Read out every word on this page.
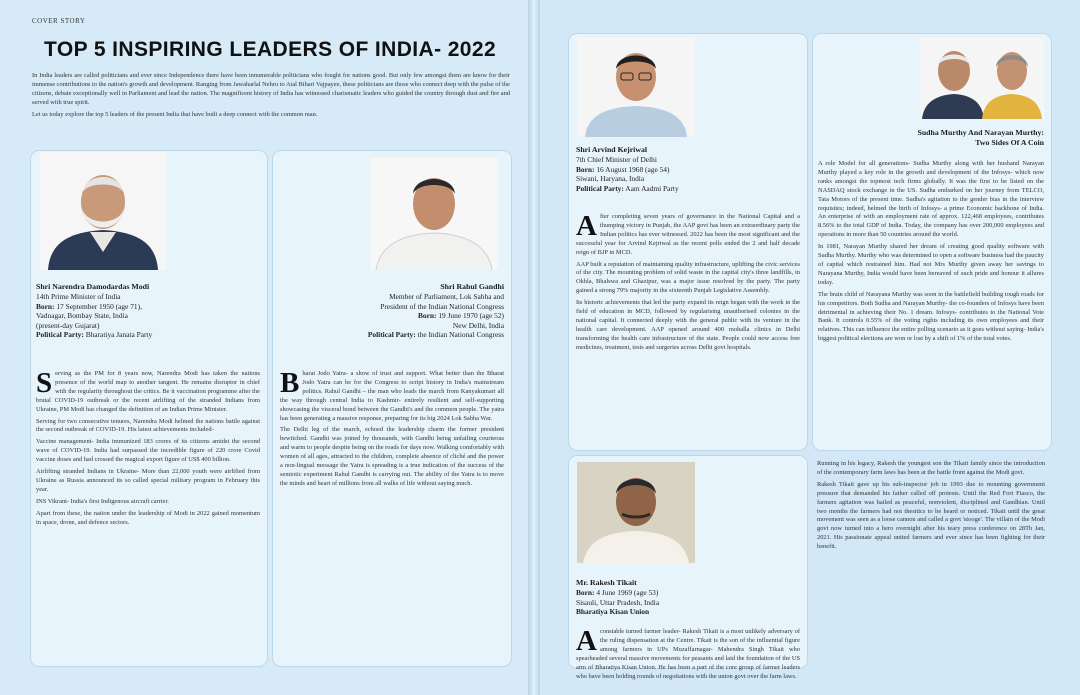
COVER STORY
TOP 5 INSPIRING LEADERS OF INDIA- 2022

In India leaders are called politicians and ever since Independence there have been innumerable politicians who fought for nations good. But only few amongst them are know for their immense contributions to the nation's growth and development. Ranging from Jawaharlal Nehru to Atal Bihari Vajpayee, these politicians are those who connect deep with the pulse of the citizens, debate exceptionally well in Parliament and lead the nation. The magnificent history of India has witnessed charismatic leaders who guided the country through dust and fire and served with true spirit.

Let us today explore the top 5 leaders of the present India that have built a deep connect with the common man.

Shri Narendra Damodardas Modi
14th Prime Minister of India
Born: 17 September 1950 (age 71),
Vadnagar, Bombay State, India
(present-day Gujarat)
Political Party: Bharatiya Janata Party

Serving as the PM for 8 years now, Narendra Modi has taken the nations presence of the world map to another tangent. He remains disruptor in chief with the regularity throughout the critics. Be it vaccination programme after the brutal COVID-19 outbreak or the recent airlifting of the stranded Indians from Ukraine, PM Modi has changed the definition of an Indian Prime Minister.

Serving for two consecutive tenures, Narendra Modi helmed the nations battle against the second outbreak of COVID-19. His latest achievements included-

Vaccine management- India immunized 183 crores of its citizens amidst the second wave of COVID-19. India had surpassed the incredible figure of 220 crore Covid vaccine doses and had crossed the magical export figure of US$ 400 billion.

Airlifting stranded Indians in Ukraine- More than 22,000 youth were airlifted from Ukraine as Russia announced its so called special military program in February this year.

INS Vikrant- India's first Indigenous aircraft carrier.

Apart from these, the nation under the leadership of Modi in 2022 gained momentum in space, drone, and defence sectors.

Shri Rahul Gandhi
Member of Parliament, Lok Sabha and
President of the Indian National Congress
Born: 19 June 1970 (age 52)
New Delhi, India
Political Party: the Indian National Congress

Bharat Jodo Yatra- a show of trust and support. What better than the Bharat Jodo Yatra can be for the Congress to script history in India's mainstream politics. Rahul Gandhi – the man who leads the march from Kanyakumari all the way through central India to Kashmir- entirely resilient and self-supporting showcasing the visceral bond between the Gandhi's and the common people. The yatra has been generating a massive response, preparing for its big 2024 Lok Sabha War.

The Delhi leg of the march, echoed the leadership charm the former president bewitched. Gandhi was joined by thousands, with Gandhi being unfailing courteous and warm to people despite being on the roads for days now. Walking comfortably with women of all ages, attracted to the children, complete absence of cliché and the power a non-lingual message the Yatra is spreading is a true indication of the success of the semiotic experiment Rahul Gandhi is carrying out. The ability of the Yatra is to move the minds and heart of millions from all walks of life without saying much.

Shri Arvind Kejriwal
7th Chief Minister of Delhi
Born: 16 August 1968 (age 54)
Siwani, Haryana, India
Political Party: Aam Aadmi Party

After completing seven years of governance in the National Capital and a thumping victory in Punjab, the AAP govt has been an extraordinary party the Indian politics has ever witnessed. 2022 has been the most significant and the successful year for Arvind Kejriwal as the recent polls ended the 2 and half decade reign of BJP in MCD.

AAP built a reputation of maintaining quality infrastructure, uplifting the civic services of the city. The mounting problem of solid waste in the capital city's three landfills, in Okhla, Bhalswa and Ghazipur, was a major issue resolved by the party. The party gained a strong 79% majority in the sixteenth Punjab Legislative Assembly.

Its historic achievements that led the party expand its reign began with the work in the field of education in MCD, followed by regularising unauthorised colonies in the national capital. It connected deeply with the general public with its venture in the health care development. AAP opened around 400 mohalla clinics in Delhi transforming the health care infrastructure of the state. People could now access free medicines, treatment, tests and surgeries across Delhi govt hospitals.

Mr. Rakesh Tikait
Born: 4 June 1969 (age 53)
Sisauli, Uttar Pradesh, India
Bharatiya Kisan Union

A constable turned farmer leader- Rakesh Tikait is a most unlikely adversary of the ruling dispensation at the Centre. Tikait is the son of the influential figure among farmers in UPs Muzaffarnagar- Mahendra Singh Tikait who spearheaded several massive movements for peasants and laid the foundation of the US arm of Bharatiya Kisan Union. He has been a part of the core group of farmer leaders who have been holding rounds of negotiations with the union govt over the farm laws.

Running in his legacy, Rakesh the youngest son the Tikait family since the introduction of the contemporary farm laws has been at the battle front against the Modi govt.

Rakesh Tikait gave up his sub-inspector job in 1993 due to mounting government pressure that demanded his father called off protests. Until the Red Fort Fiasco, the farmers agitation was hailed as peaceful, nonviolent, disciplined and Gandhian. Until two months the farmers had not thesitics to be heard or noticed. Tikait until the great movement was seen as a loose cannon and called a govt 'stooge'. The villain of the Modi govt now turned into a hero overnight after his teary press conference on 28Th Jan, 2021. His passionate appeal united farmers and ever since has been fighting for their benefit.

Sudha Murthy And Narayan Murthy:
Two Sides Of A Coin

A role Model for all generations- Sudha Murthy along with her husband Narayan Murthy played a key role in the growth and development of the Infosys- which now ranks amongst the topmost tech firms globally. It was the first to be listed on the NASDAQ stock exchange in the US. Sudha embarked on her journey from TELCO, Tata Motors of the present time. Sudha's agitation to the gender bias in the interview requisites; indeed, helmed the birth of Infosys- a prime Economic backbone of India. An enterprise of with an employment rate of approx. 122,468 employees, contributes 8.56% to the total GDP of India. Today, the company has over 200,000 employees and operations in more than 50 countries around the world.

In 1981, Narayan Murthy shared her dream of creating good quality software with Sudha Murthy. Murthy who was determined to open a software business had the paucity of capital which restrained him. Had not Mrs Murthy given away her savings to Narayana Murthy, India would have been bereaved of such pride and honour it allures today.

The brain child of Narayana Murthy was soon in the battlefield building tough roads for his competitors. Both Sudha and Narayan Murthy- the co-founders of Infosys have been detrimental in achieving their No. 1 dream. Infosys- contributes to the National Vote Bank. It controls 0.55% of the voting rights including its own employees and their relatives. This can influence the entire polling scenario as it goes without saying- India's biggest political elections are won or lost by a shift of 1% of the total votes.
